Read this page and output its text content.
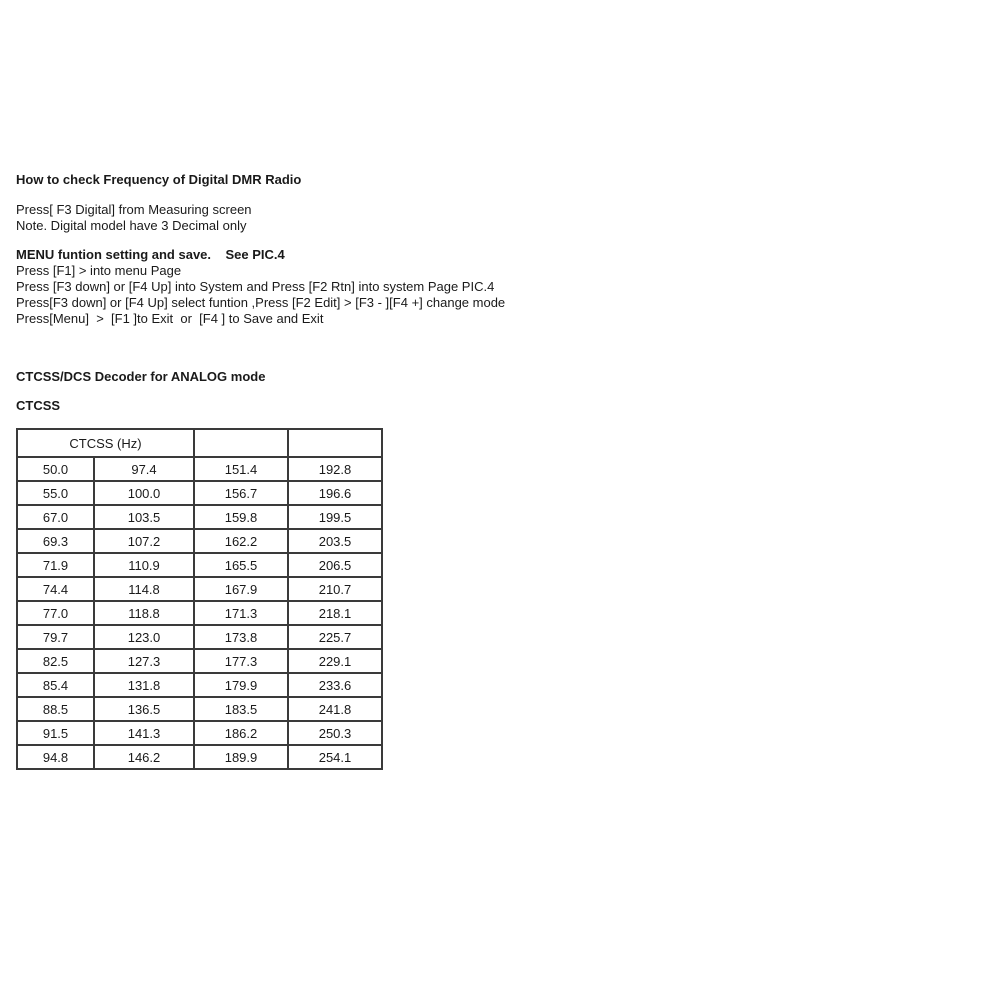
How to check Frequency of Digital DMR Radio
Press[ F3 Digital] from Measuring screen
Note. Digital model have 3 Decimal only
MENU funtion setting and save.    See PIC.4
Press [F1] > into menu Page
Press [F3 down] or [F4 Up] into System and Press [F2 Rtn] into system Page PIC.4
Press[F3 down] or [F4 Up] select funtion ,Press [F2 Edit] > [F3 - ][F4 +] change mode
Press[Menu]  >  [F1 ]to Exit  or  [F4 ] to Save and Exit
CTCSS/DCS Decoder for ANALOG mode
CTCSS
CTCSS (Hz)			
50.0	97.4	151.4	192.8
55.0	100.0	156.7	196.6
67.0	103.5	159.8	199.5
69.3	107.2	162.2	203.5
71.9	110.9	165.5	206.5
74.4	114.8	167.9	210.7
77.0	118.8	171.3	218.1
79.7	123.0	173.8	225.7
82.5	127.3	177.3	229.1
85.4	131.8	179.9	233.6
88.5	136.5	183.5	241.8
91.5	141.3	186.2	250.3
94.8	146.2	189.9	254.1
